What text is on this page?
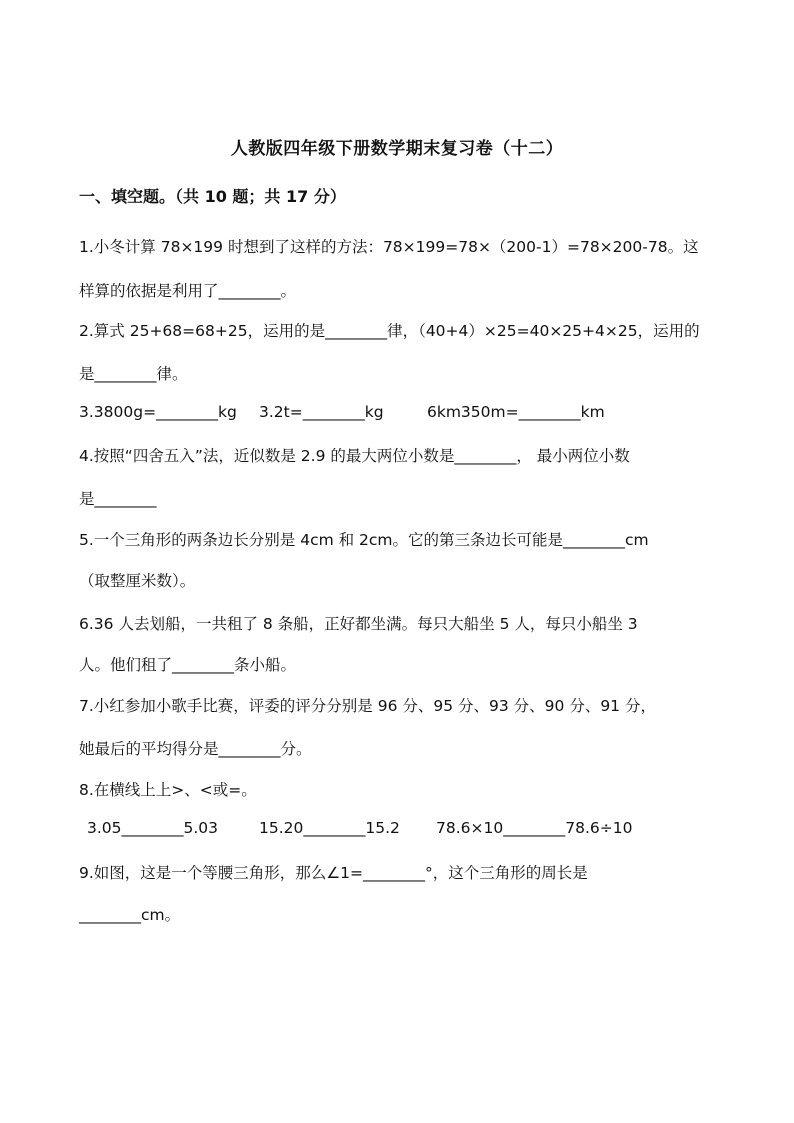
人教版四年级下册数学期末复习卷（十二）
一、填空题。（共 10 题；共 17 分）
1.小冬计算 78×199 时想到了这样的方法：78×199=78×（200-1）=78×200-78。这
样算的依据是利用了________。
2.算式 25+68=68+25，运用的是________律，（40+4）×25=40×25+4×25，运用的
是________律。
3.3800g=________kg 3.2t=________kg	6km350m=________km
4.按照“四舍五入”法，近似数是 2.9 的最大两位小数是________， 最小两位小数
是________
5.一个三角形的两条边长分别是 4cm 和 2cm。它的第三条边长可能是________cm
（取整厘米数）。
6.36 人去划船，一共租了 8 条船，正好都坐满。每只大船坐 5 人，每只小船坐 3
人。他们租了________条小船。
7.小红参加小歌手比赛，评委的评分分别是 96 分、95 分、93 分、90 分、91 分，
她最后的平均得分是________分。
8.在横线上上>、<或=。
3.05________5.03	15.20________15.2 78.6×10________78.6÷10
9.如图，这是一个等腰三角形，那么∠1=________°，这个三角形的周长是
________cm。
